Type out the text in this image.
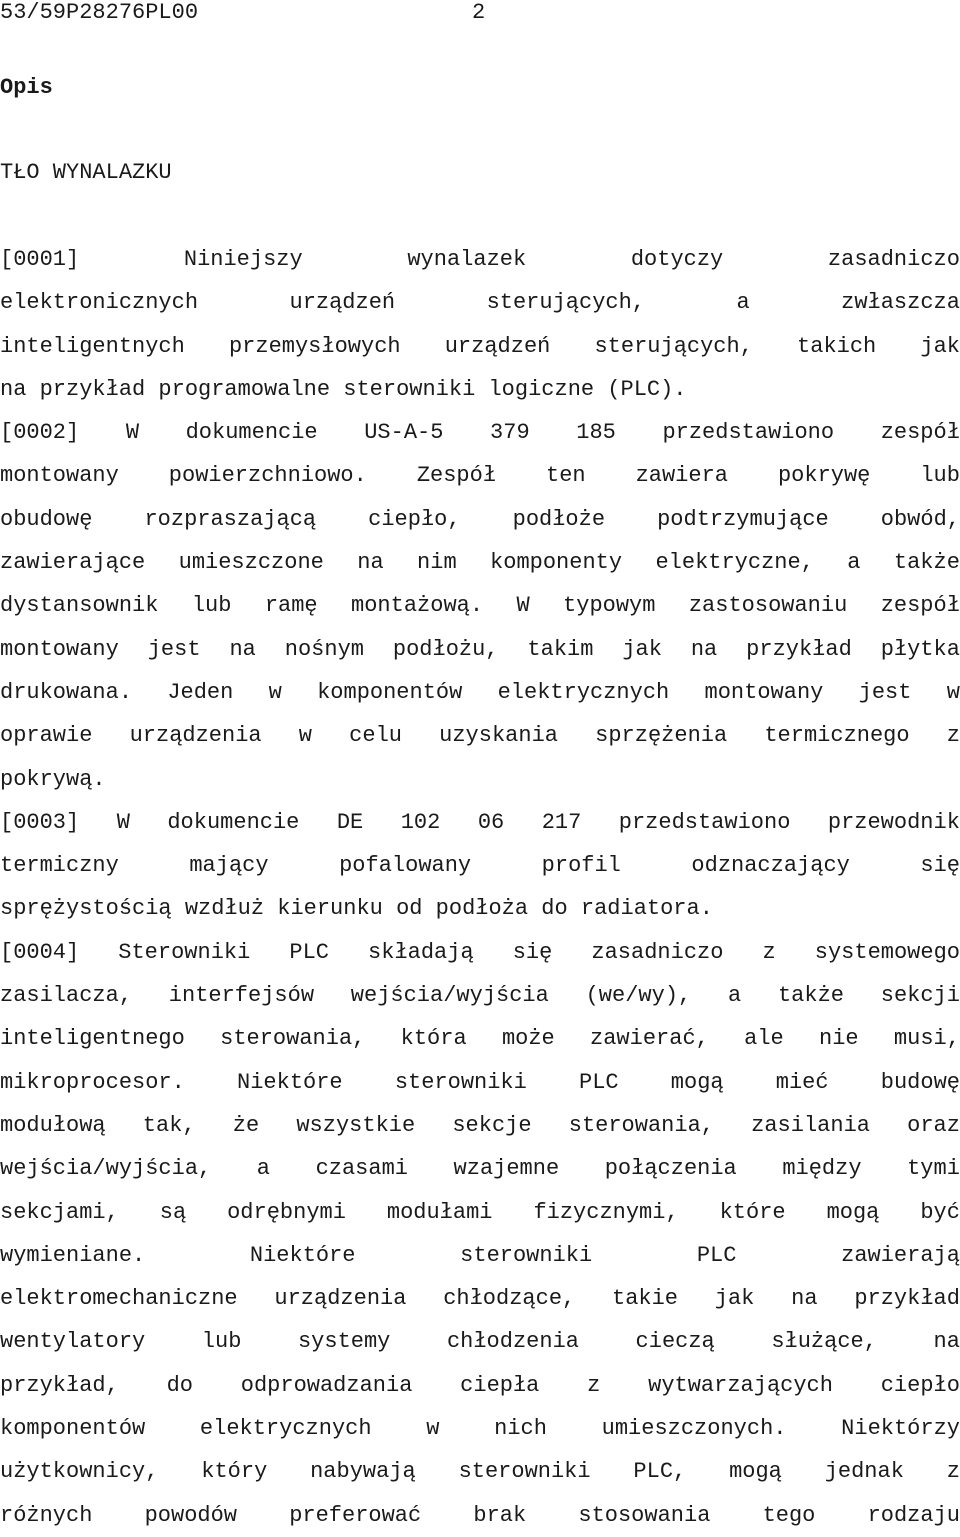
53/59P28276PL00

	2

Opis
TŁO WYNALAZKU
[0001]	Niniejszy	wynalazek	dotyczy	zasadniczo
elektronicznych	urządzeń	sterujących,	a	zwłaszcza
inteligentnych przemysłowych urządzeń sterujących, takich jak
na przykład programowalne sterowniki logiczne (PLC).
[0002] W dokumencie US-A-5 379 185 przedstawiono zespół
montowany powierzchniowo. Zespół ten zawiera pokrywę lub
obudowę rozpraszającą ciepło, podłoże podtrzymujące obwód,
zawierające umieszczone na nim komponenty elektryczne, a także
dystansownik lub ramę montażową. W typowym zastosowaniu zespół
montowany jest na nośnym podłożu, takim jak na przykład płytka
drukowana. Jeden w komponentów elektrycznych montowany jest w
oprawie urządzenia w celu uzyskania sprzężenia termicznego z
pokrywą.
[0003] W dokumencie DE 102 06 217 przedstawiono przewodnik
termiczny	mający	pofalowany	profil	odznaczający	się
sprężystością wzdłuż kierunku od podłoża do radiatora.
[0004] Sterowniki PLC składają się zasadniczo z systemowego
zasilacza, interfejsów wejścia/wyjścia (we/wy), a także sekcji
inteligentnego sterowania, która może zawierać, ale nie musi,
mikroprocesor. Niektóre sterowniki PLC mogą mieć budowę
modułową tak, że wszystkie sekcje sterowania, zasilania oraz
wejścia/wyjścia, a czasami wzajemne połączenia między tymi
sekcjami, są odrębnymi modułami fizycznymi, które mogą być
wymieniane.	Niektóre	sterowniki	PLC	zawierają
elektromechaniczne urządzenia chłodzące, takie jak na przykład
wentylatory	lub	systemy	chłodzenia	cieczą	służące,	na
przykład, do odprowadzania ciepła z wytwarzających ciepło
komponentów elektrycznych w nich umieszczonych. Niektórzy
użytkownicy, który nabywają sterowniki PLC, mogą jednak z
różnych powodów preferować brak stosowania tego rodzaju
